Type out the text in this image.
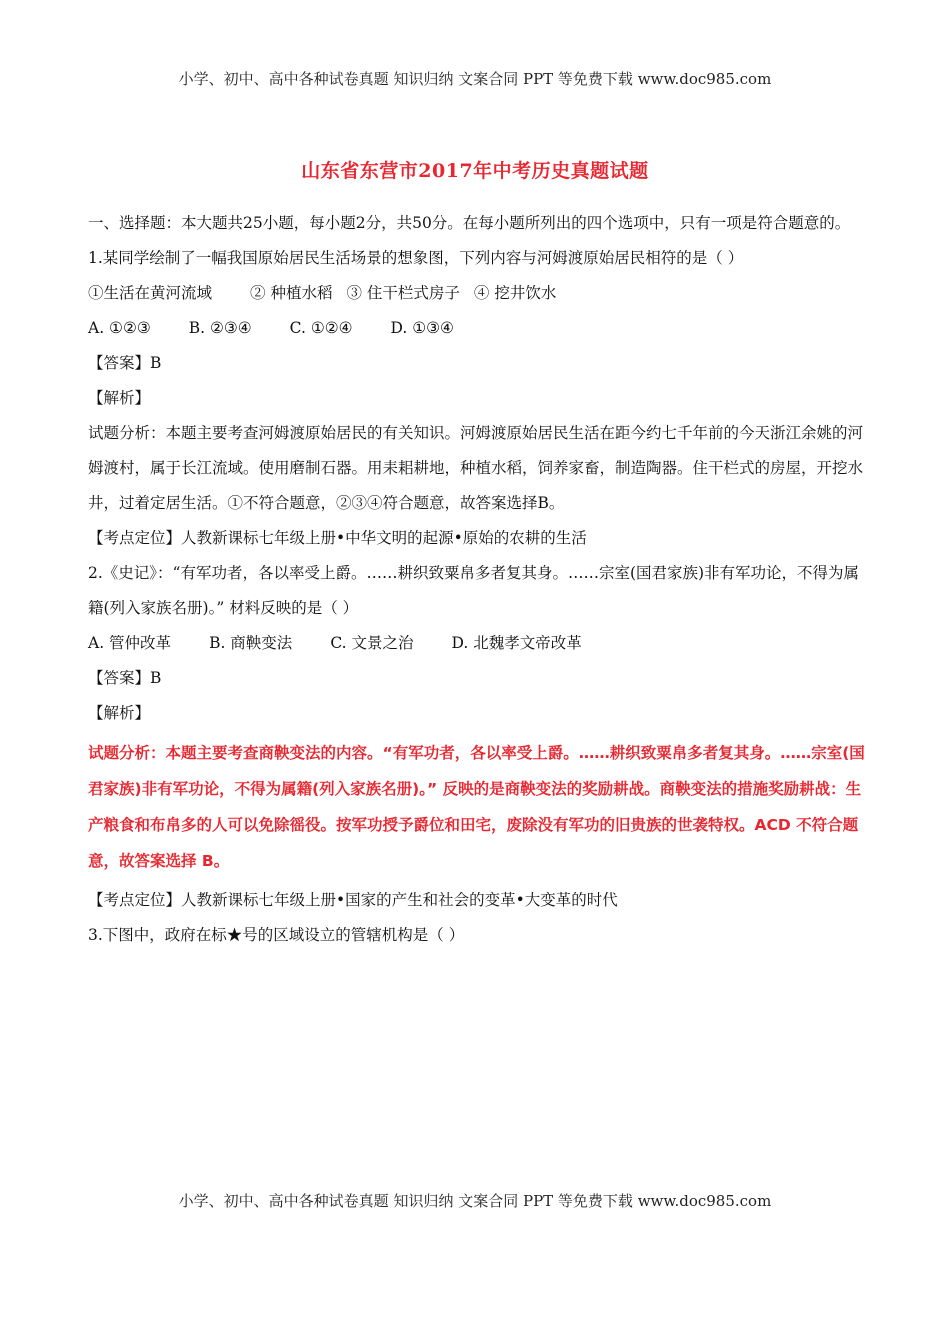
小学、初中、高中各种试卷真题 知识归纳 文案合同 PPT 等免费下载 www.doc985.com
山东省东营市2017年中考历史真题试题

一、选择题：本大题共25小题，每小题2分，共50分。在每小题所列出的四个选项中，只有一项是符合题意的。

1.某同学绘制了一幅我国原始居民生活场景的想象图，下列内容与河姆渡原始居民相符的是（ ）
①生活在黄河流域 ② 种植水稻 ③ 住干栏式房子 ④ 挖井饮水
A. ①②③ B. ②③④ C. ①②④ D. ①③④
【答案】B
【解析】

试题分析：本题主要考查河姆渡原始居民的有关知识。河姆渡原始居民生活在距今约七千年前的今天浙江余姚的河姆渡村，属于长江流域。使用磨制石器。用耒耜耕地，种植水稻，饲养家畜，制造陶器。住干栏式的房屋，开挖水井，过着定居生活。①不符合题意，②③④符合题意，故答案选择B。

【考点定位】人教新课标七年级上册•中华文明的起源•原始的农耕的生活
2.《史记》：“有军功者，各以率受上爵。……耕织致粟帛多者复其身。……宗室(国君家族)非有军功论，不得为属籍(列入家族名册)。” 材料反映的是（ ）
A. 管仲改革 B. 商鞅变法 C. 文景之治 D. 北魏孝文帝改革
【答案】B
【解析】

试题分析：本题主要考查商鞅变法的内容。“有军功者，各以率受上爵。……耕织致粟帛多者复其身。……宗室(国君家族)非有军功论，不得为属籍(列入家族名册)。” 反映的是商鞅变法的奖励耕战。商鞅变法的措施奖励耕战：生产粮食和布帛多的人可以免除徭役。按军功授予爵位和田宅，废除没有军功的旧贵族的世袭特权。ACD 不符合题意，故答案选择 B。

【考点定位】人教新课标七年级上册•国家的产生和社会的变革•大变革的时代
3.下图中，政府在标★号的区域设立的管辖机构是（ ）
小学、初中、高中各种试卷真题 知识归纳 文案合同 PPT 等免费下载 www.doc985.com
